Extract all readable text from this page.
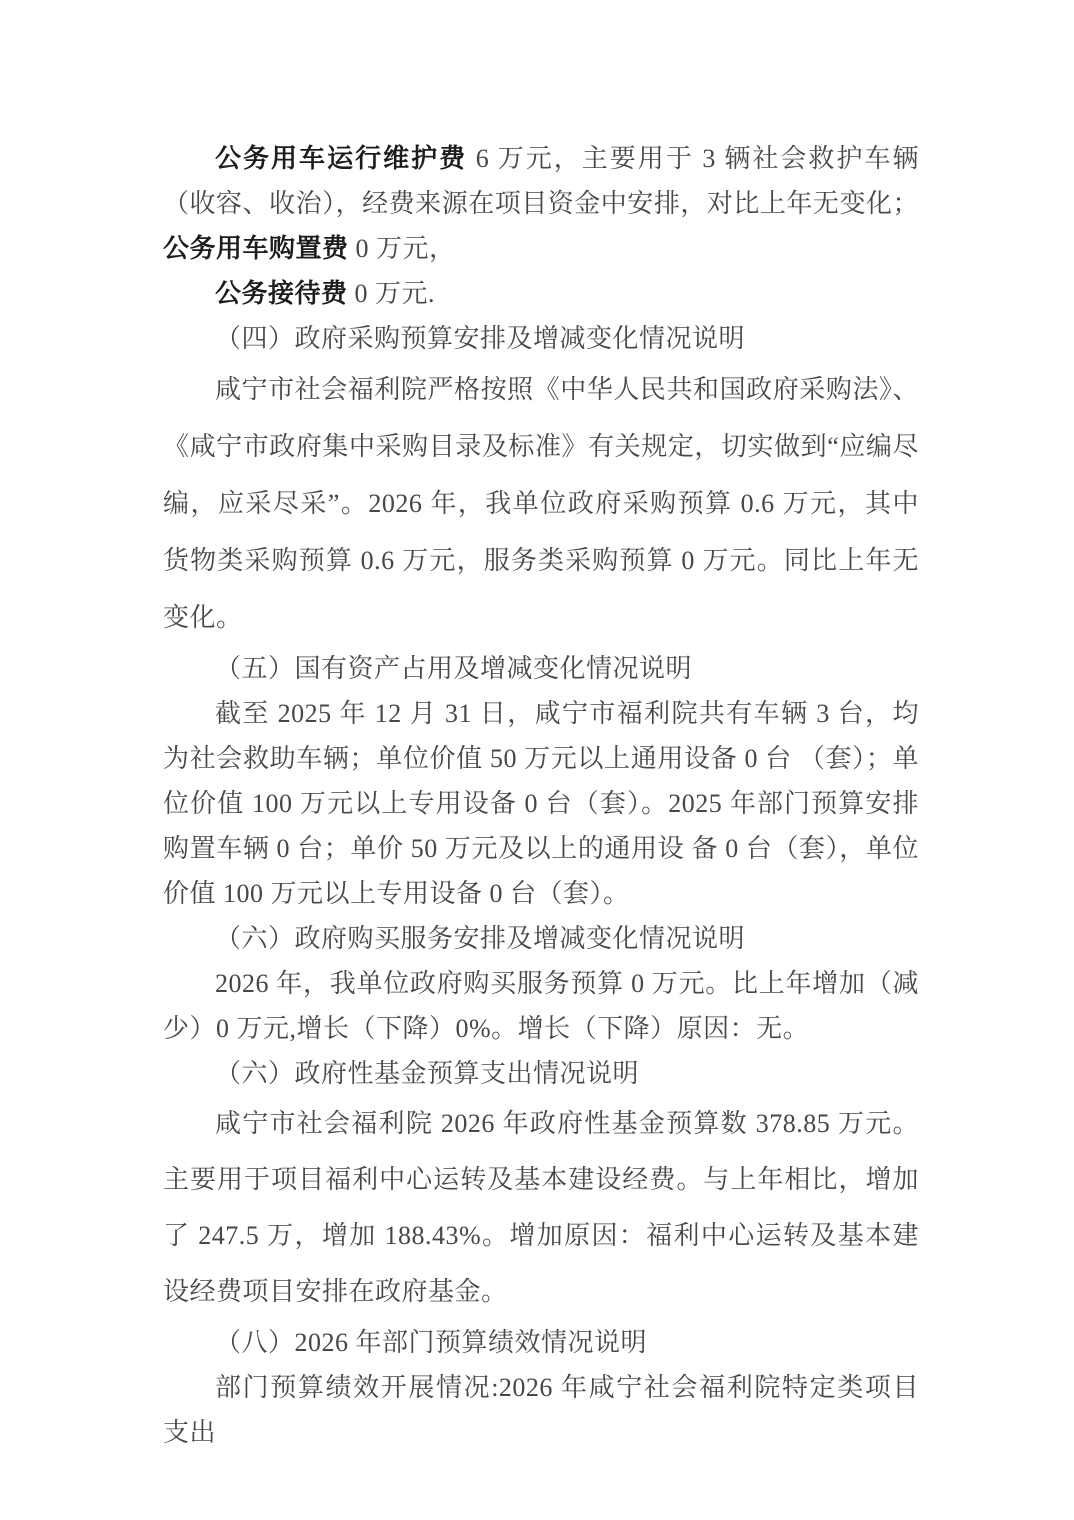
公务用车运行维护费 6 万元，主要用于 3 辆社会救护车辆（收容、收治），经费来源在项目资金中安排，对比上年无变化；公务用车购置费 0 万元，

公务接待费 0 万元.

（四）政府采购预算安排及增减变化情况说明

咸宁市社会福利院严格按照《中华人民共和国政府采购法》、《咸宁市政府集中采购目录及标准》有关规定，切实做到“应编尽编，应采尽采”。2026 年，我单位政府采购预算 0.6 万元，其中货物类采购预算 0.6 万元，服务类采购预算 0 万元。同比上年无变化。

（五）国有资产占用及增减变化情况说明

截至 2025 年 12 月 31 日，咸宁市福利院共有车辆 3 台，均为社会救助车辆；单位价值 50 万元以上通用设备 0 台 （套）；单位价值 100 万元以上专用设备 0 台（套）。2025 年部门预算安排购置车辆 0 台；单价 50 万元及以上的通用设 备 0 台（套），单位价值 100 万元以上专用设备 0 台（套）。

（六）政府购买服务安排及增减变化情况说明

2026 年，我单位政府购买服务预算 0 万元。比上年增加（减少）0 万元,增长（下降）0%。增长（下降）原因：无。

（六）政府性基金预算支出情况说明

咸宁市社会福利院 2026 年政府性基金预算数 378.85 万元。主要用于项目福利中心运转及基本建设经费。与上年相比，增加了 247.5 万，增加 188.43%。增加原因：福利中心运转及基本建设经费项目安排在政府基金。

（八）2026 年部门预算绩效情况说明

部门预算绩效开展情况:2026 年咸宁社会福利院特定类项目支出
